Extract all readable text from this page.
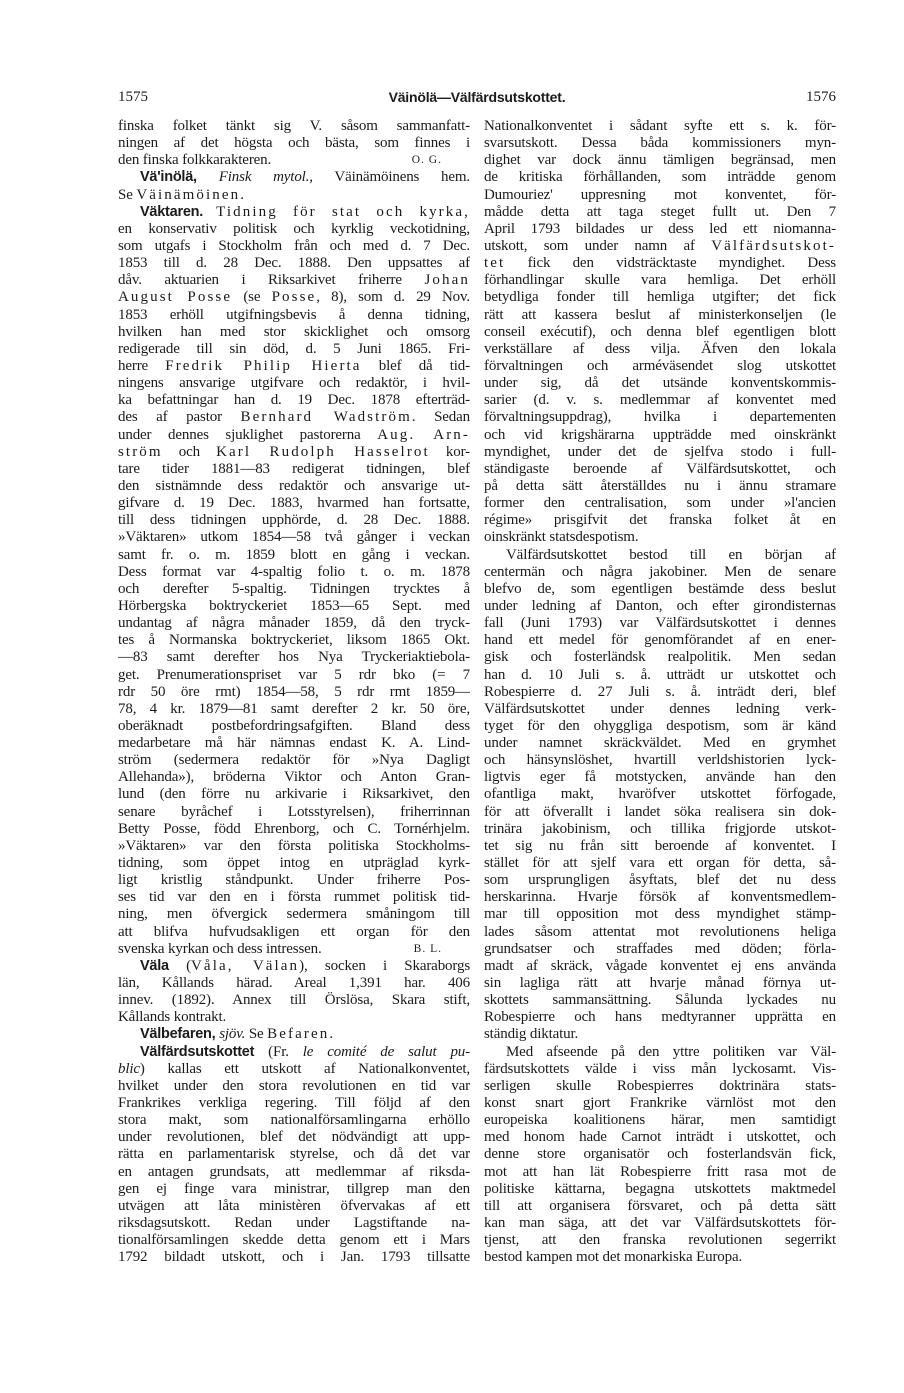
1575	Väinölä—Välfärdsutskottet.	1576
finska folket tänkt sig V. såsom sammanfatt-
ningen af det högsta och bästa, som finnes i
den finska folkkarakteren.	O. G.
Vä'inölä, Finsk mytol., Väinämöinens hem.
Se Väinämöinen.
Väktaren. Tidning för stat och kyrka,
en konservativ politisk och kyrklig veckotidning,
som utgafs i Stockholm från och med d. 7 Dec.
1853 till d. 28 Dec. 1888. Den uppsattes af
dåv. aktuarien i Riksarkivet friherre Johan
August Posse (se Posse, 8), som d. 29 Nov.
1853 erhöll utgifningsbevis å denna tidning,
hvilken han med stor skicklighet och omsorg
redigerade till sin död, d. 5 Juni 1865. Fri-
herre Fredrik Philip Hierta blef då tid-
ningens ansvarige utgifvare och redaktör, i hvil-
ka befattningar han d. 19 Dec. 1878 efterträd-
des af pastor Bernhard Wadström. Sedan
under dennes sjuklighet pastorerna Aug. Arn-
ström och Karl Rudolph Hasselrot kor-
tare tider 1881—83 redigerat tidningen, blef
den sistnämnde dess redaktör och ansvarige ut-
gifvare d. 19 Dec. 1883, hvarmed han fortsatte,
till dess tidningen upphörde, d. 28 Dec. 1888.
»Väktaren» utkom 1854—58 två gånger i veckan
samt fr. o. m. 1859 blott en gång i veckan.
Dess format var 4-spaltig folio t. o. m. 1878
och derefter 5-spaltig. Tidningen trycktes å
Hörbergska boktryckeriet 1853—65 Sept. med
undantag af några månader 1859, då den tryck-
tes å Normanska boktryckeriet, liksom 1865 Okt.
—83 samt derefter hos Nya Tryckeriaktiebola-
get. Prenumerationspriset var 5 rdr bko (= 7
rdr 50 öre rmt) 1854—58, 5 rdr rmt 1859—
78, 4 kr. 1879—81 samt derefter 2 kr. 50 öre,
oberäknadt postbefordringsafgiften. Bland dess
medarbetare må här nämnas endast K. A. Lind-
ström (sedermera redaktör för »Nya Dagligt
Allehanda»), bröderna Viktor och Anton Gran-
lund (den förre nu arkivarie i Riksarkivet, den
senare byråchef i Lotsstyrelsen), friherrinnan
Betty Posse, född Ehrenborg, och C. Tornérhjelm.
»Väktaren» var den första politiska Stockholms-
tidning, som öppet intog en utpräglad kyrk-
ligt kristlig ståndpunkt. Under friherre Pos-
ses tid var den en i första rummet politisk tid-
ning, men öfvergick sedermera småningom till
att blifva hufvudsakligen ett organ för den
svenska kyrkan och dess intressen.	B. L.
Väla (Våla, Välan), socken i Skaraborgs
län, Kållands härad. Areal 1,391 har. 406
innev. (1892). Annex till Örslösa, Skara stift,
Kållands kontrakt.
Välbefaren, sjöv. Se Befaren.
Välfärdsutskottet (Fr. le comité de salut pu-
blic) kallas ett utskott af Nationalkonventet,
hvilket under den stora revolutionen en tid var
Frankrikes verkliga regering. Till följd af den
stora makt, som nationalförsamlingarna erhöllo
under revolutionen, blef det nödvändigt att upp-
rätta en parlamentarisk styrelse, och då det var
en antagen grundsats, att medlemmar af riksda-
gen ej finge vara ministrar, tillgrep man den
utvägen att låta ministèren öfvervakas af ett
riksdagsutskott. Redan under Lagstiftande na-
tionalförsamlingen skedde detta genom ett i Mars
1792 bildadt utskott, och i Jan. 1793 tillsatte
Nationalkonventet i sådant syfte ett s. k. för-
svarsutskott. Dessa båda kommissioners myn-
dighet var dock ännu tämligen begränsad, men
de kritiska förhållanden, som inträdde genom
Dumouriez' uppresning mot konventet, för-
mådde detta att taga steget fullt ut. Den 7
April 1793 bildades ur dess led ett niomanna-
utskott, som under namn af Välfärdsutskot-
tet fick den vidsträcktaste myndighet. Dess
förhandlingar skulle vara hemliga. Det erhöll
betydliga fonder till hemliga utgifter; det fick
rätt att kassera beslut af ministerkonseljen (le
conseil exécutif), och denna blef egentligen blott
verkställare af dess vilja. Äfven den lokala
förvaltningen och arméväsendet slog utskottet
under sig, då det utsände konventskommis-
sarier (d. v. s. medlemmar af konventet med
förvaltningsuppdrag), hvilka i departementen
och vid krigshärarna uppträdde med oinskränkt
myndighet, under det de sjelfva stodo i full-
ständigaste beroende af Välfärdsutskottet, och
på detta sätt återställdes nu i ännu stramare
former den centralisation, som under »l'ancien
régime» prisgifvit det franska folket åt en
oinskränkt statsdespotism.
Välfärdsutskottet bestod till en början af
centermän och några jakobiner. Men de senare
blefvo de, som egentligen bestämde dess beslut
under ledning af Danton, och efter girondisternas
fall (Juni 1793) var Välfärdsutskottet i dennes
hand ett medel för genomförandet af en ener-
gisk och fosterländsk realpolitik. Men sedan
han d. 10 Juli s. å. utträdt ur utskottet och
Robespierre d. 27 Juli s. å. inträdt deri, blef
Välfärdsutskottet under dennes ledning verk-
tyget för den ohyggliga despotism, som är känd
under namnet skräckväldet. Med en grymhet
och hänsynslöshet, hvartill verldshistorien lyck-
ligtvis eger få motstycken, använde han den
ofantliga makt, hvaröfver utskottet förfogade,
för att öfverallt i landet söka realisera sin dok-
trinära jakobinism, och tillika frigjorde utskot-
tet sig nu från sitt beroende af konventet. I
stället för att sjelf vara ett organ för detta, så-
som ursprungligen åsyftats, blef det nu dess
herskarinna. Hvarje försök af konventsmedlem-
mar till opposition mot dess myndighet stämp-
lades såsom attentat mot revolutionens heliga
grundsatser och straffades med döden; förla-
madt af skräck, vågade konventet ej ens använda
sin lagliga rätt att hvarje månad förnya ut-
skottets sammansättning. Sålunda lyckades nu
Robespierre och hans medtyranner upprätta en
ständig diktatur.
Med afseende på den yttre politiken var Väl-
färdsutskottets välde i viss mån lyckosamt. Vis-
serligen skulle Robespierres doktrinära stats-
konst snart gjort Frankrike värnlöst mot den
europeiska koalitionens härar, men samtidigt
med honom hade Carnot inträdt i utskottet, och
denne store organisatör och fosterlandsvän fick,
mot att han lät Robespierre fritt rasa mot de
politiske kättarna, begagna utskottets maktmedel
till att organisera försvaret, och på detta sätt
kan man säga, att det var Välfärdsutskottets för-
tjenst, att den franska revolutionen segerrikt
bestod kampen mot det monarkiska Europa.
